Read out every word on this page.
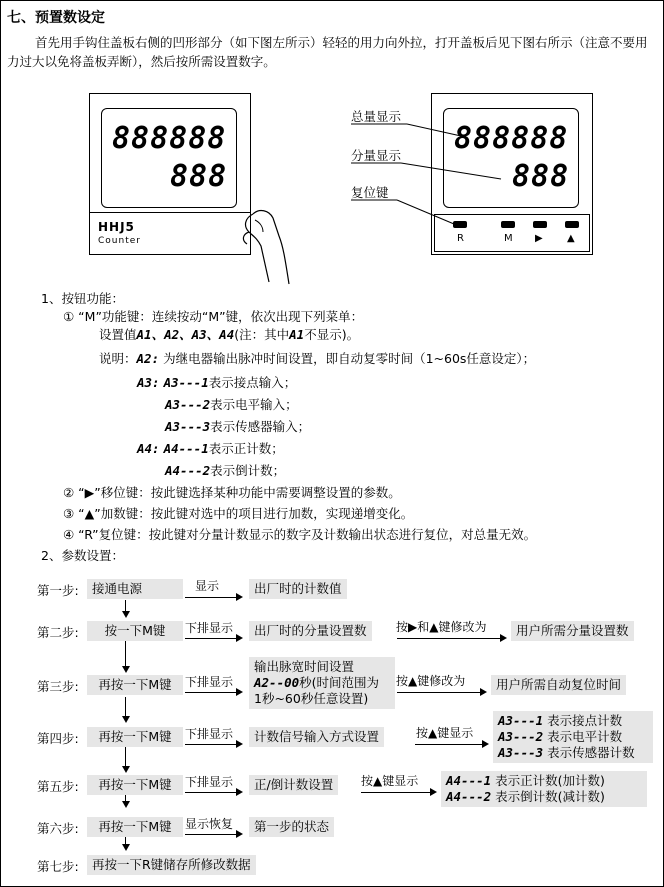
七、预置数设定
首先用手钩住盖板右侧的凹形部分（如下图左所示）轻轻的用力向外拉，打开盖板后见下图右所示（注意不要用力过大以免将盖板弄断），然后按所需设置数字。
888888
888
HHJ5
Counter
888888
888
R	M ▶ ▲
总量显示
分量显示
复位键
1、按钮功能：
① “M”功能键：连续按动“M”键，依次出现下列菜单：
设置值A1、A2、A3、A4(注：其中A1不显示)。
说明：A2: 为继电器输出脉冲时间设置，即自动复零时间（1~60s任意设定）；
A3: A3---1表示接点输入；
A3---2表示电平输入；
A3---3表示传感器输入；
A4: A4---1表示正计数；
A4---2表示倒计数；
② “▶”移位键：按此键选择某种功能中需要调整设置的参数。
③ “▲”加数键：按此键对选中的项目进行加数，实现递增变化。
④ “R”复位键：按此键对分量计数显示的数字及计数输出状态进行复位，对总量无效。
2、参数设置：
第一步:	接通电源	显示	出厂时的计数值
第二步:	按一下M键	下排显示	出厂时的分量设置数	按▶和▲键修改为	用户所需分量设置数
第三步:	再按一下M键	下排显示
输出脉宽时间设置
A2--00秒(时间范围为
1秒~60秒任意设置)
按▲键修改为	用户所需自动复位时间
第四步:	再按一下M键	下排显示	计数信号输入方式设置	按▲键显示
A3---1 表示接点计数
A3---2 表示电平计数
A3---3 表示传感器计数
第五步:	再按一下M键	下排显示	正/倒计数设置	按▲键显示 A4---1 表示正计数(加计数)
A4---2 表示倒计数(减计数)
第六步:	再按一下M键	显示恢复	第一步的状态
第七步:	再按一下R键储存所修改数据
